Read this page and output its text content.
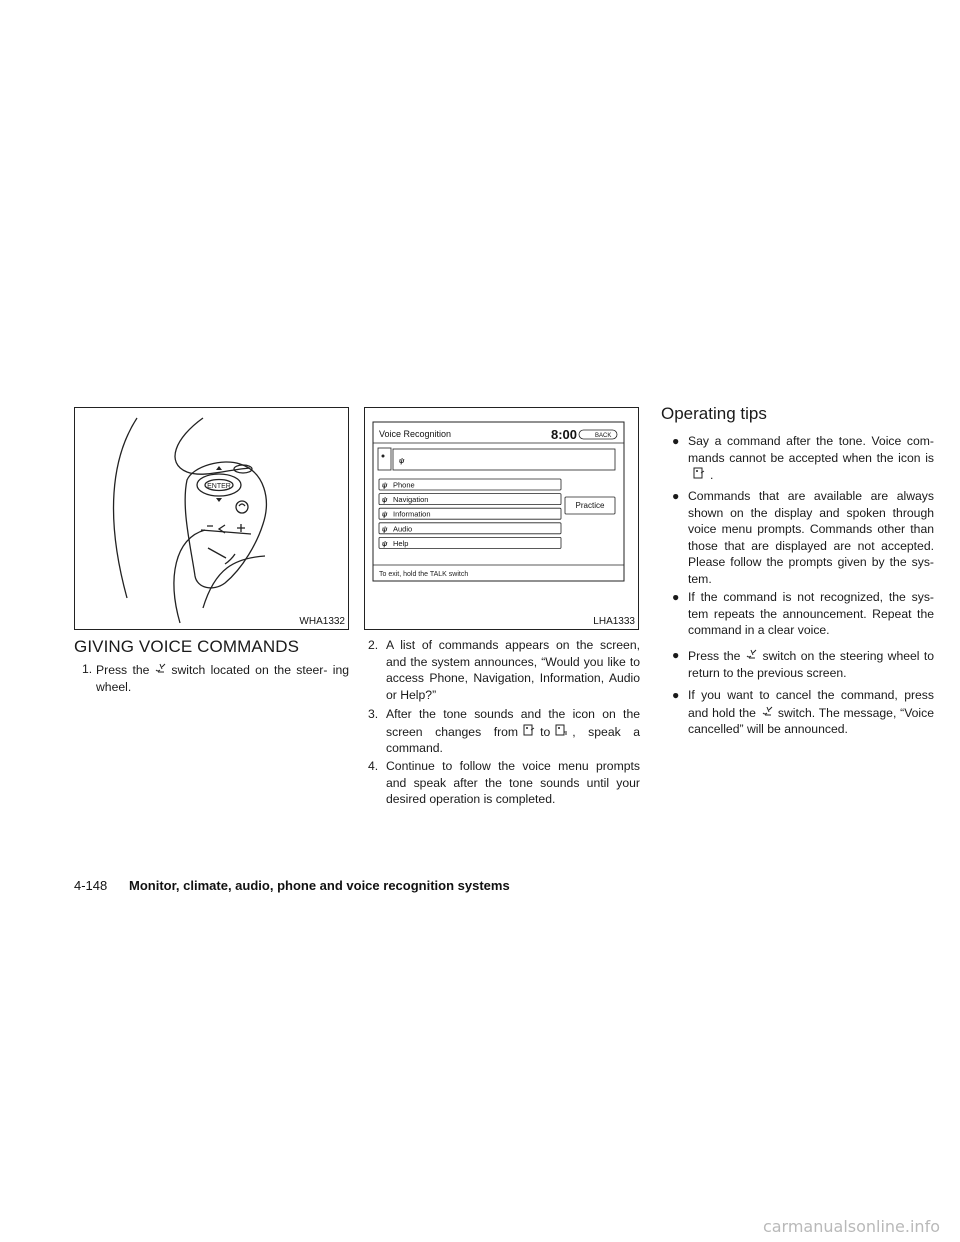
ENTER
WHA1332
Voice Recognition	8:00	BACK
ψ
ψ Phone
ψ Navigation
ψ Information
ψ Audio
ψ Help
Practice
To exit, hold the TALK switch
LHA1333
GIVING VOICE COMMANDS
1. Press the switch located on the steer- ing wheel.
2. A list of commands appears on the screen, and the system announces, “Would you like to access Phone, Navigation, Information, Audio or Help?”
3. After the tone sounds and the icon on the screen changes from to , speak a command.
4. Continue to follow the voice menu prompts and speak after the tone sounds until your desired operation is completed.
Operating tips
● Say a command after the tone. Voice com- mands cannot be accepted when the icon is.
● Commands that are available are always shown on the display and spoken through voice menu prompts. Commands other than those that are displayed are not accepted. Please follow the prompts given by the sys- tem.
● If the command is not recognized, the sys- tem repeats the announcement. Repeat the command in a clear voice.
● Press the switch on the steering wheel to return to the previous screen.
● If you want to cancel the command, press and hold the switch. The message, “Voice cancelled” will be announced.
4-148 Monitor, climate, audio, phone and voice recognition systems
carmanualsonline.info
